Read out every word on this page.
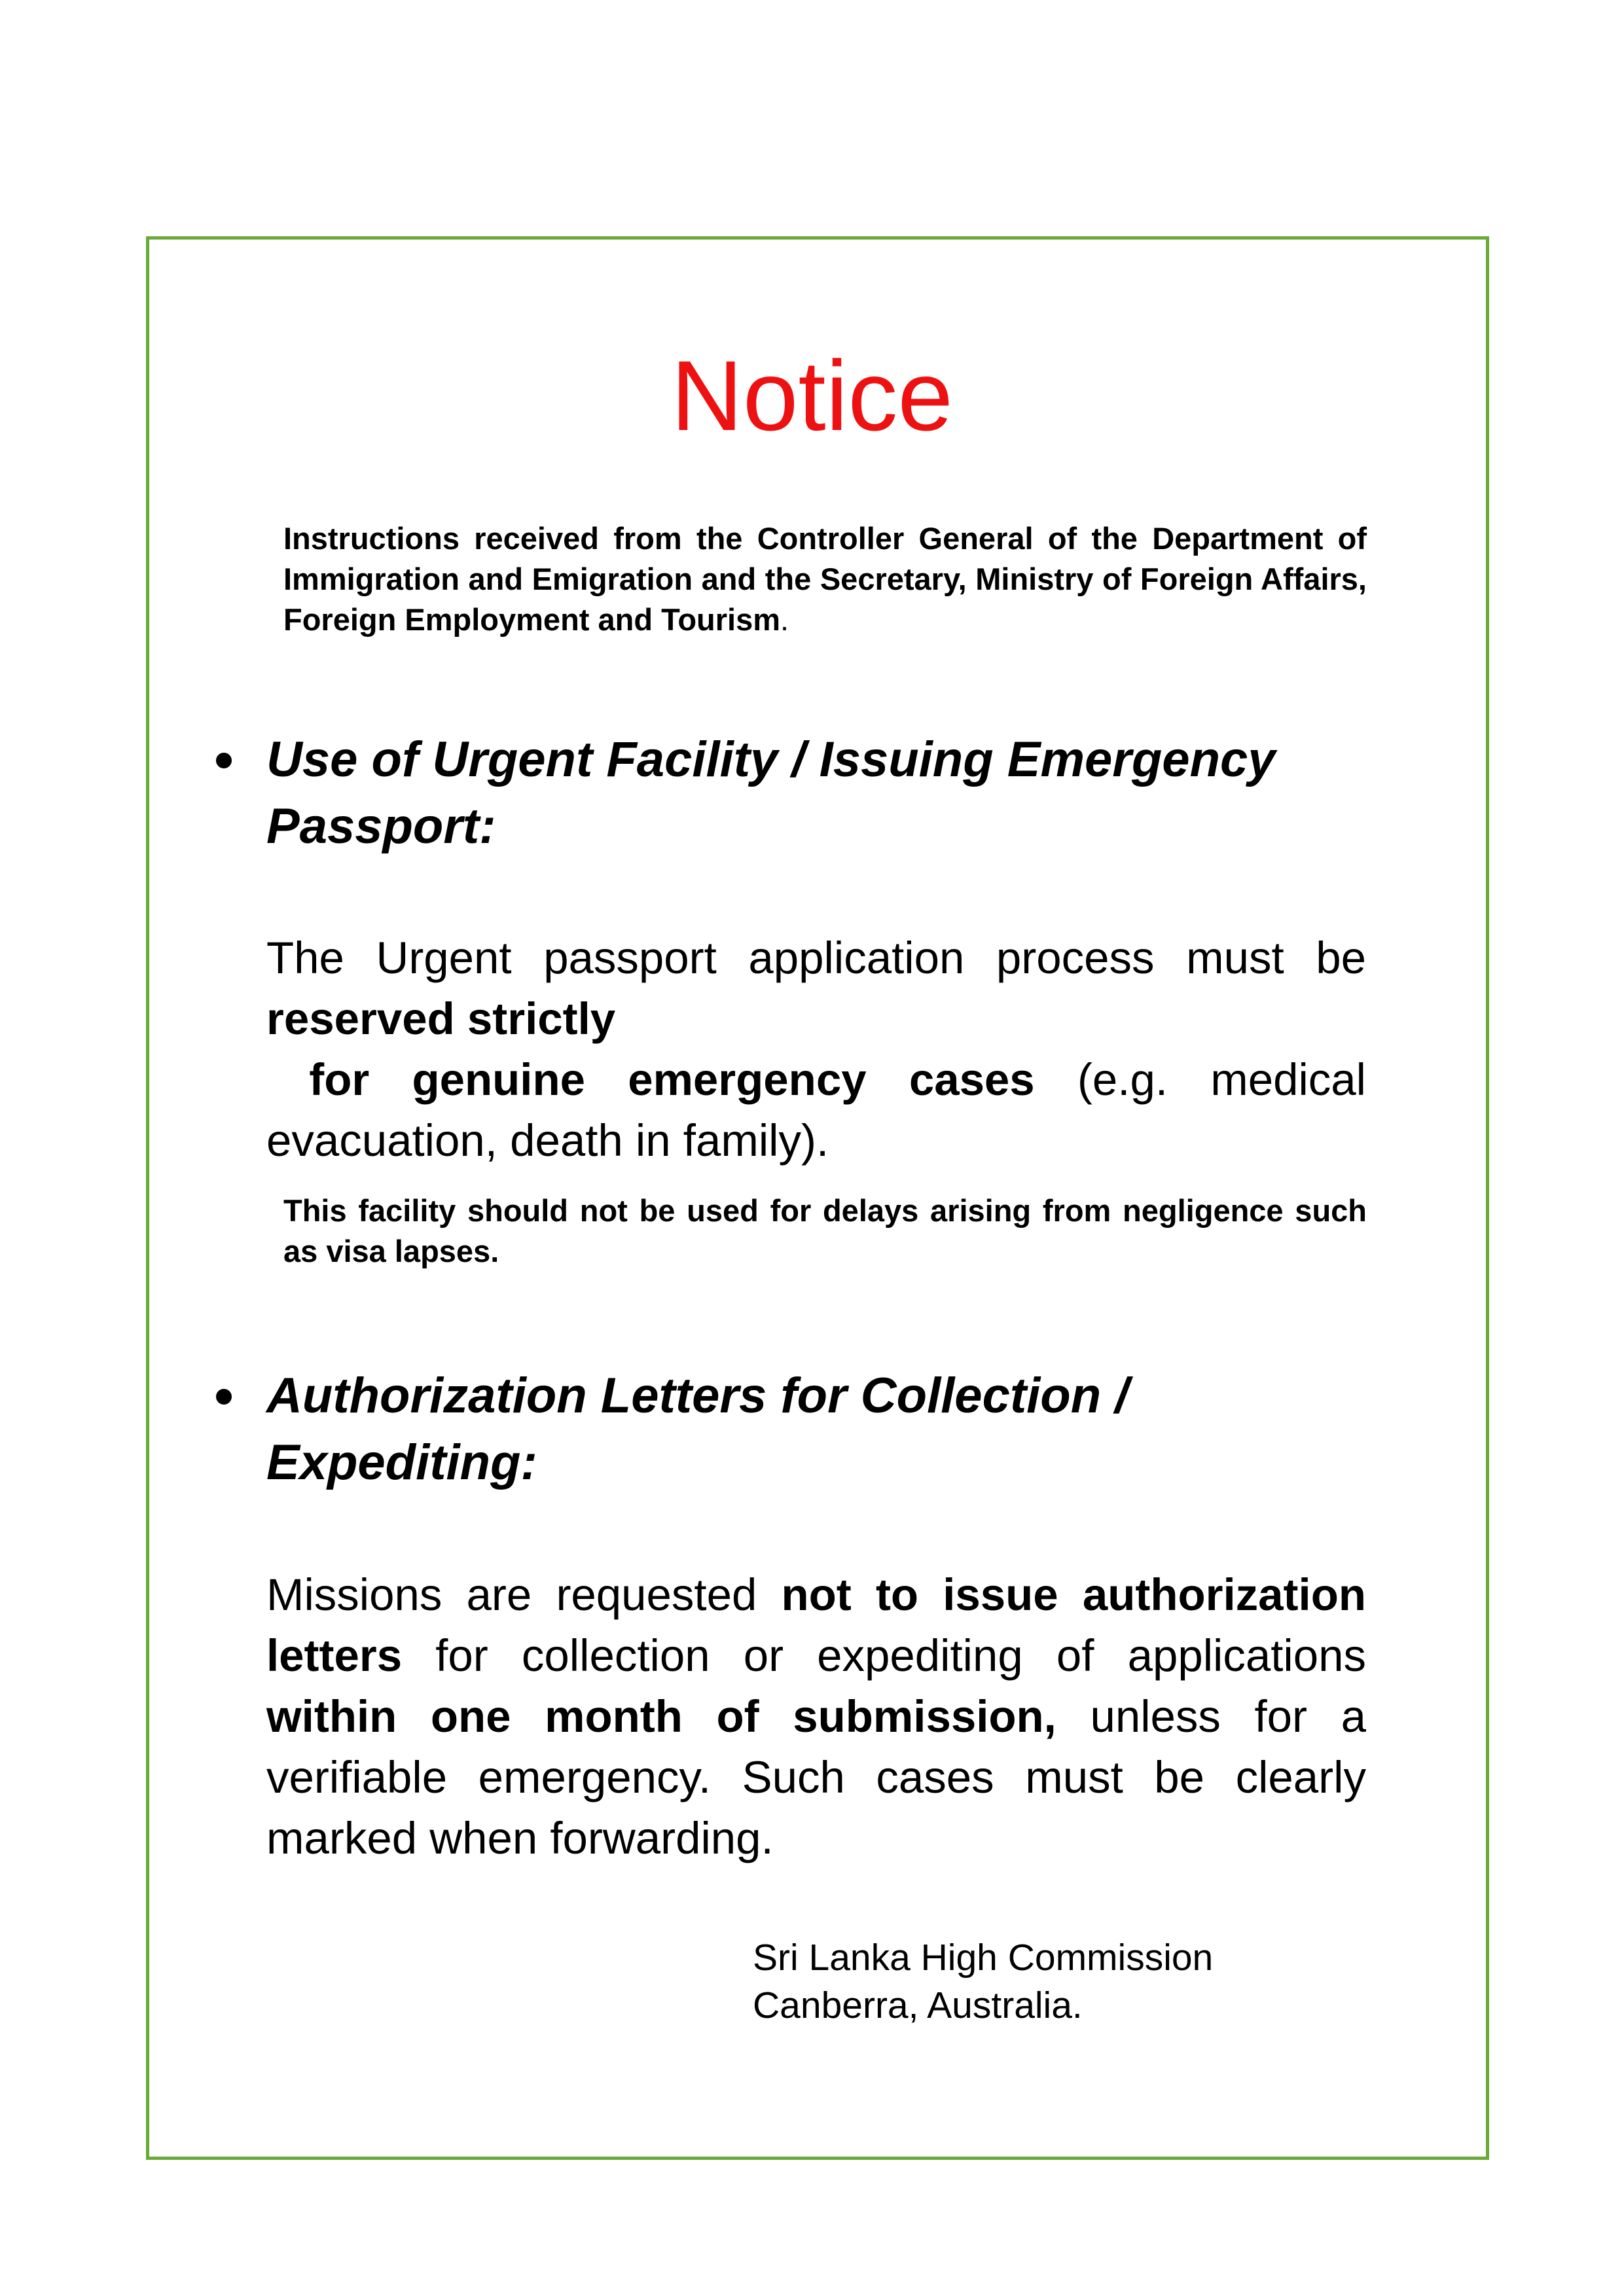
Notice

Instructions received from the Controller General of the Department of Immigration and Emigration and the Secretary, Ministry of Foreign Affairs, Foreign Employment and Tourism.

Use of Urgent Facility / Issuing Emergency Passport:

The Urgent passport application process must be
reserved strictly
for genuine emergency cases (e.g. medical
evacuation, death in family).

This facility should not be used for delays arising from negligence such as visa lapses.

Authorization Letters for Collection / Expediting:

Missions are requested not to issue authorization letters for collection or expediting of applications within one month of submission, unless for a verifiable emergency. Such cases must be clearly marked when forwarding.

Sri Lanka High Commission
Canberra, Australia.
